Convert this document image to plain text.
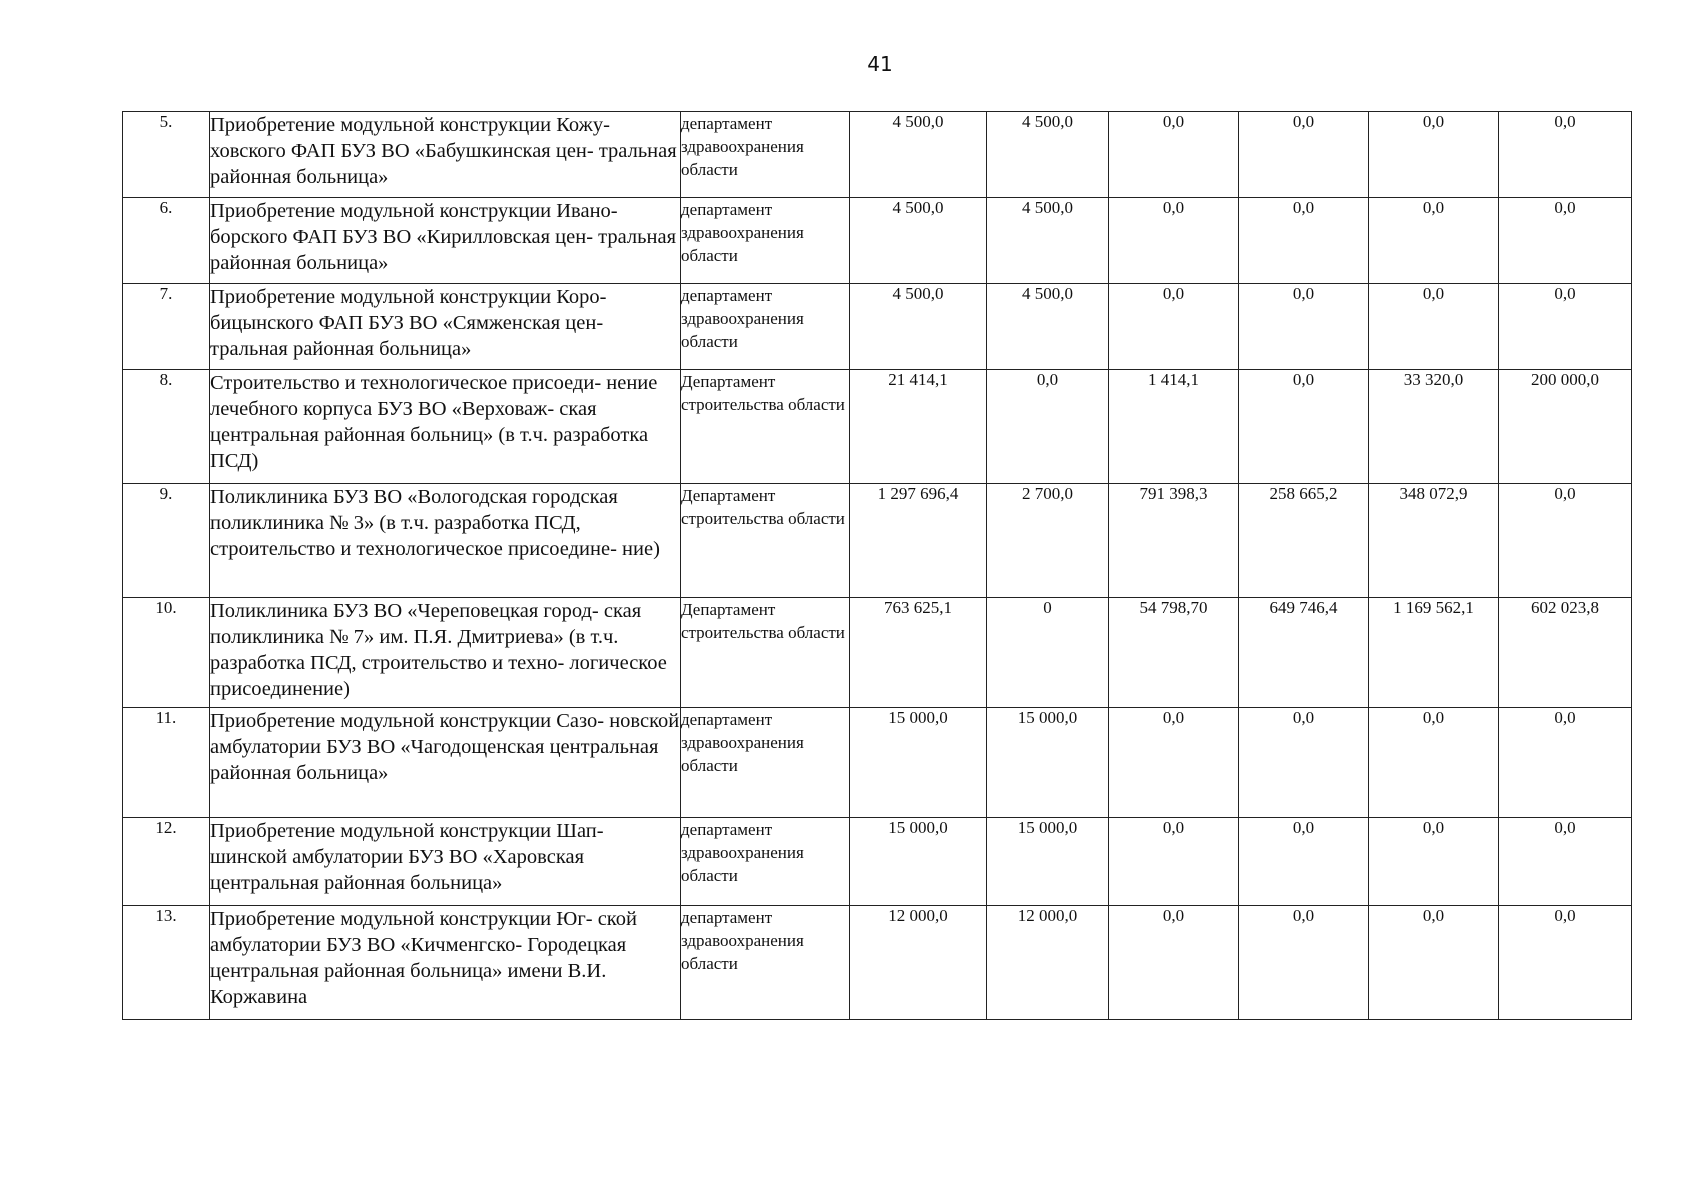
41
5.	Приобретение модульной конструкции Кожу- ховского ФАП БУЗ ВО «Бабушкинская цен- тральная районная больница»	департамент здравоохранения области	4 500,0	4 500,0	0,0	0,0	0,0	0,0
6.	Приобретение модульной конструкции Ивано- борского ФАП БУЗ ВО «Кирилловская цен- тральная районная больница»	департамент здравоохранения области	4 500,0	4 500,0	0,0	0,0	0,0	0,0
7.	Приобретение модульной конструкции Коро- бицынского ФАП БУЗ ВО «Сямженская цен- тральная районная больница»	департамент здравоохранения области	4 500,0	4 500,0	0,0	0,0	0,0	0,0
8.	Строительство и технологическое присоеди- нение лечебного корпуса БУЗ ВО «Верховаж- ская центральная районная больниц» (в т.ч. разработка ПСД)	Департамент строительства области	21 414,1	0,0	1 414,1	0,0	33 320,0	200 000,0
9.	Поликлиника БУЗ ВО «Вологодская городская поликлиника № 3» (в т.ч. разработка ПСД, строительство и технологическое присоедине- ние)	Департамент строительства области	1 297 696,4	2 700,0	791 398,3	258 665,2	348 072,9	0,0
10.	Поликлиника БУЗ ВО «Череповецкая город- ская поликлиника № 7» им. П.Я. Дмитриева» (в т.ч. разработка ПСД, строительство и техно- логическое присоединение)	Департамент строительства области	763 625,1	0	54 798,70	649 746,4	1 169 562,1	602 023,8
11.	Приобретение модульной конструкции Сазо- новской амбулатории БУЗ ВО «Чагодощенская центральная районная больница»	департамент здравоохранения области	15 000,0	15 000,0	0,0	0,0	0,0	0,0
12.	Приобретение модульной конструкции Шап- шинской амбулатории БУЗ ВО «Харовская центральная районная больница»	департамент здравоохранения области	15 000,0	15 000,0	0,0	0,0	0,0	0,0
13.	Приобретение модульной конструкции Юг- ской амбулатории БУЗ ВО «Кичменгско- Городецкая центральная районная больница» имени В.И. Коржавина	департамент здравоохранения области	12 000,0	12 000,0	0,0	0,0	0,0	0,0
